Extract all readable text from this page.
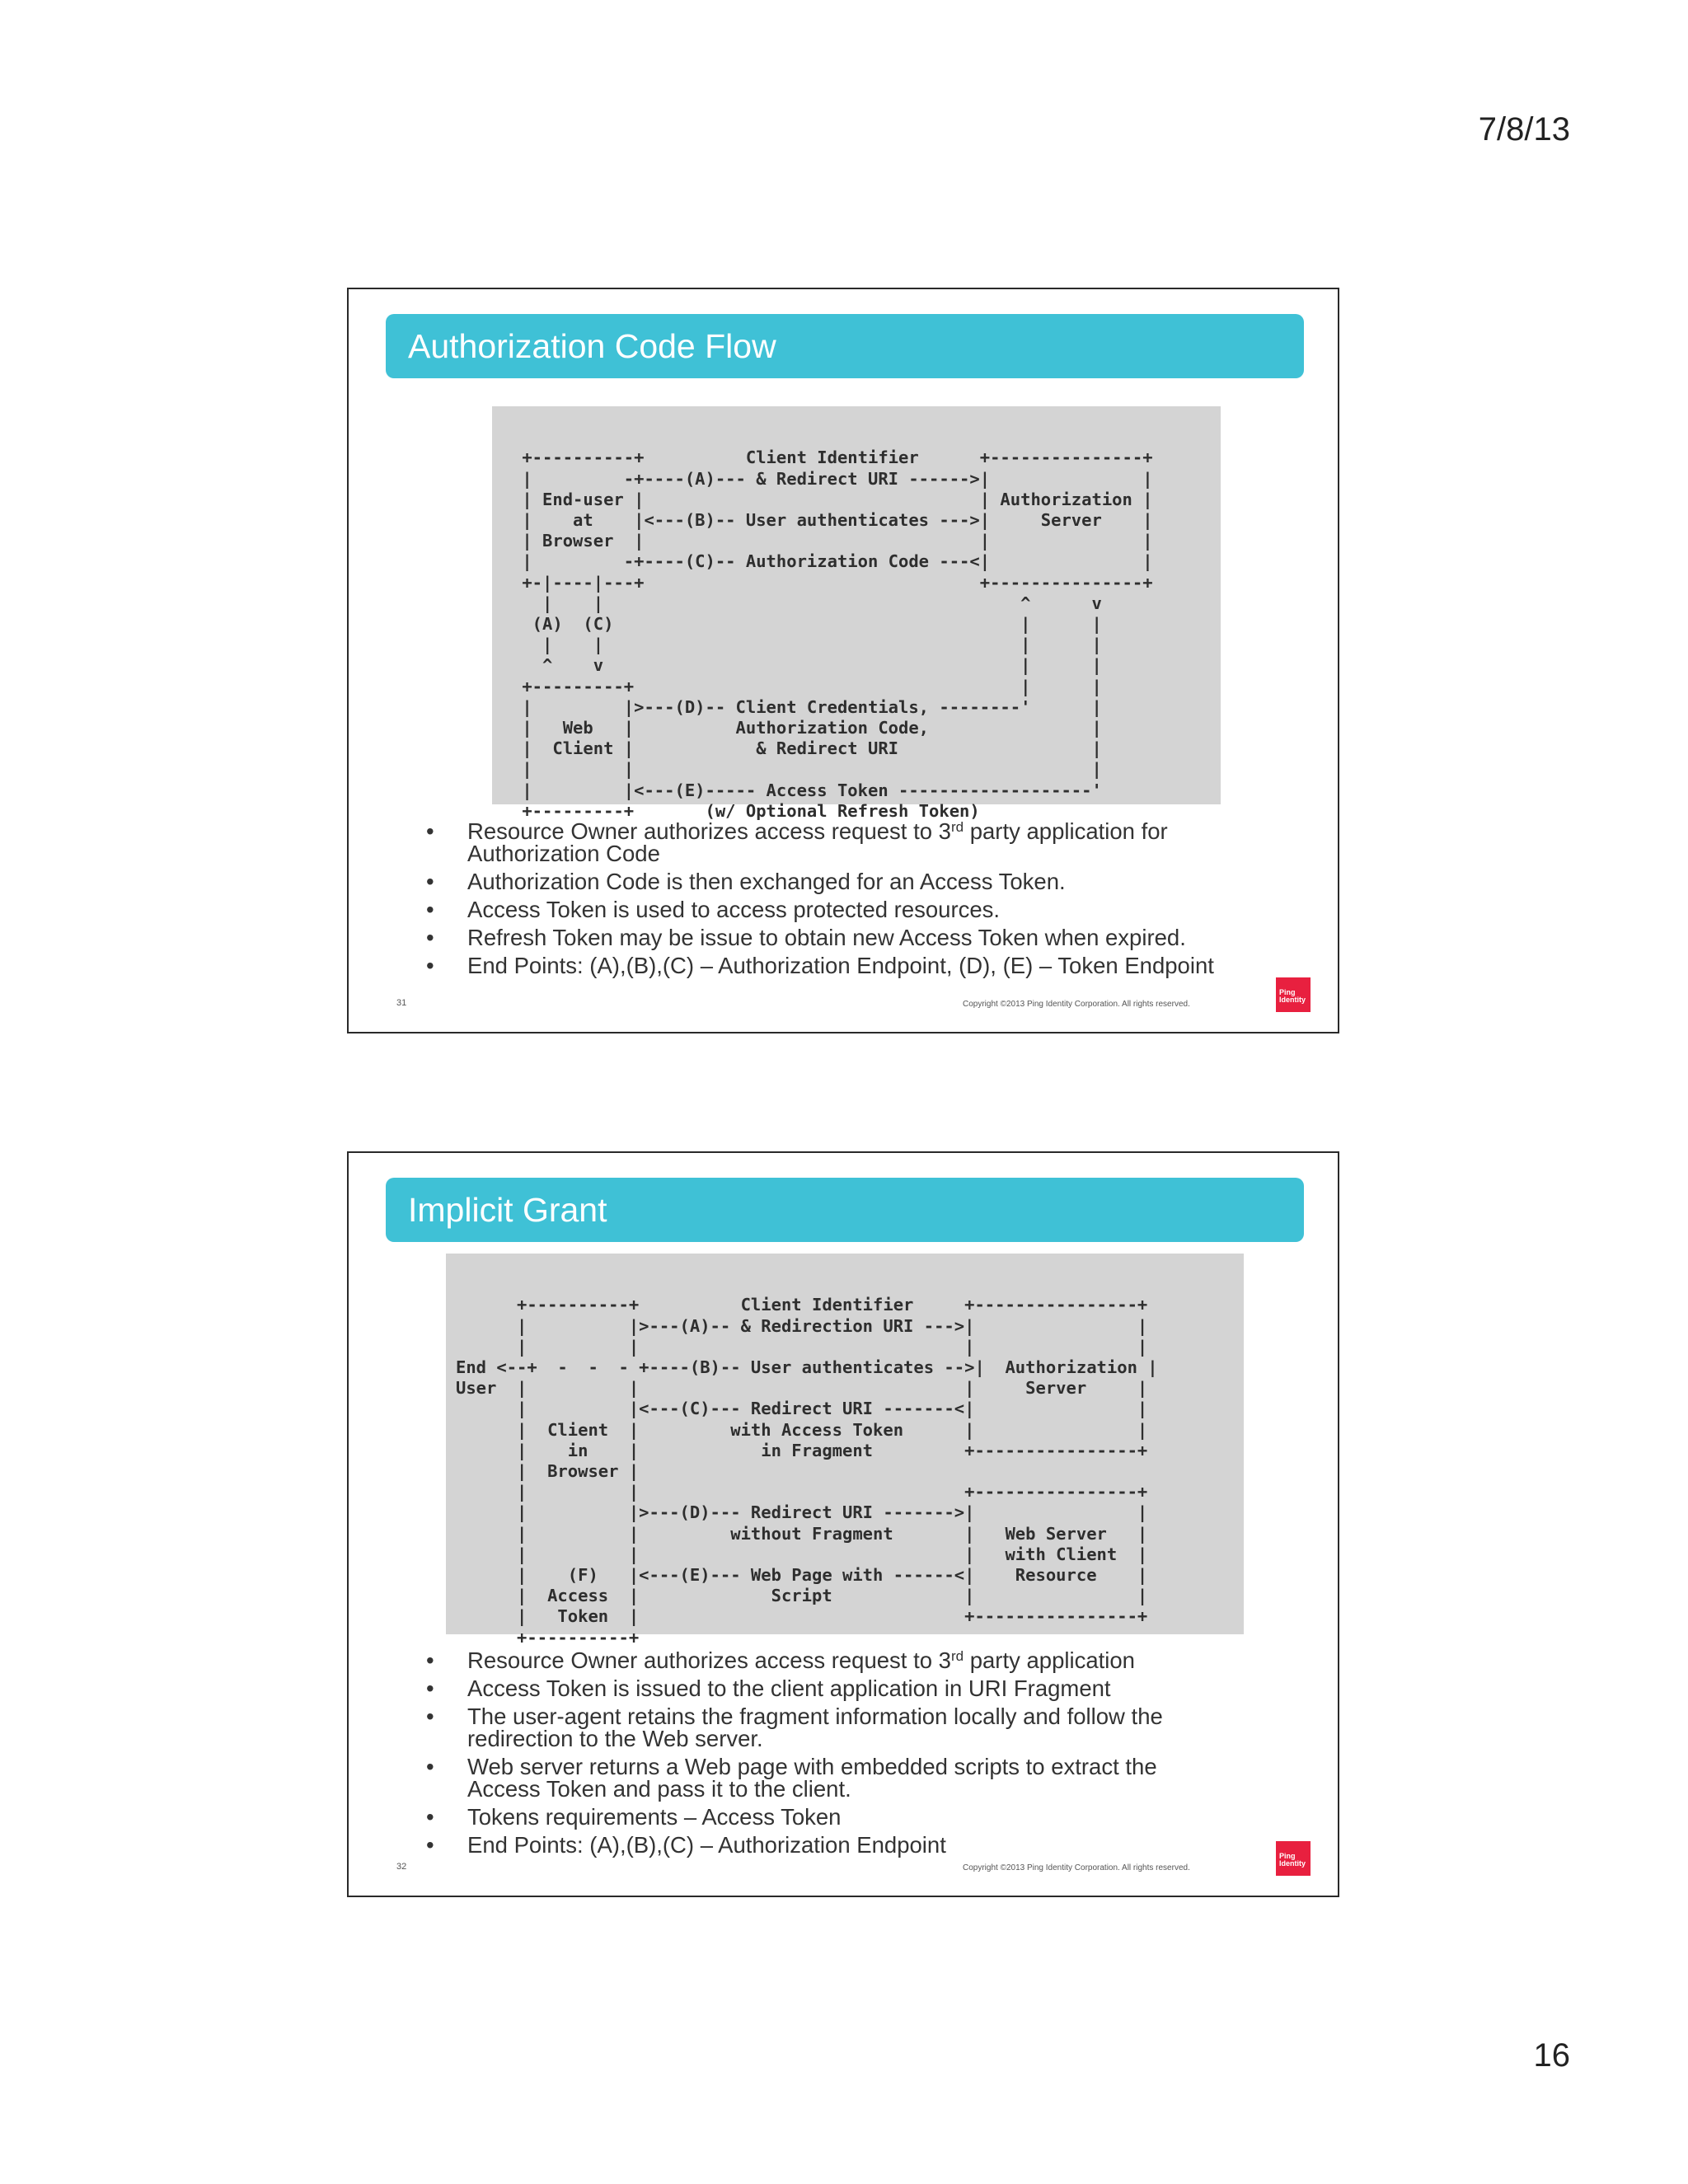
7/8/13
Authorization Code Flow

+----------+          Client Identifier      +---------------+
|         -+----(A)--- & Redirect URI ------>|               |
| End-user |                                 | Authorization |
|    at    |<---(B)-- User authenticates --->|     Server    |
| Browser  |                                 |               |
|         -+----(C)-- Authorization Code ---<|               |
+-|----|---+                                 +---------------+
|    |                                         ^      v
(A)  (C)                                        |      |
|    |                                         |      |
^    v                                         |      |
+---------+                                      |      |
|         |>---(D)-- Client Credentials, --------'      |
|   Web   |          Authorization Code,                |
|  Client |            & Redirect URI                   |
|         |                                             |
|         |<---(E)----- Access Token -------------------'
+---------+       (w/ Optional Refresh Token)

• Resource Owner authorizes access request to 3rd party application for Authorization Code
• Authorization Code is then exchanged for an Access Token.
• Access Token is used to access protected resources.
• Refresh Token may be issue to obtain new Access Token when expired.
• End Points: (A),(B),(C) – Authorization Endpoint, (D), (E) – Token Endpoint
31	Copyright ©2013 Ping Identity Corporation. All rights reserved.
Ping
Identity
Implicit Grant

+----------+          Client Identifier     +----------------+
|          |>---(A)-- & Redirection URI --->|                |
|          |                                |                |
End <--+  -  -  - +----(B)-- User authenticates -->|  Authorization |
User  |          |                                |     Server     |
|          |<---(C)--- Redirect URI -------<|                |
|  Client  |         with Access Token      |                |
|    in    |            in Fragment         +----------------+
|  Browser |
|          |                                +----------------+
|          |>---(D)--- Redirect URI ------->|                |
|          |         without Fragment       |   Web Server   |
|          |                                |   with Client  |
|    (F)   |<---(E)--- Web Page with ------<|    Resource    |
|  Access  |             Script             |                |
|   Token  |                                +----------------+
+----------+

• Resource Owner authorizes access request to 3rd party application
• Access Token is issued to the client application in URI Fragment
• The user-agent retains the fragment information locally and follow the redirection to the Web server.
• Web server returns a Web page with embedded scripts to extract the Access Token and pass it to the client.
• Tokens requirements – Access Token
• End Points: (A),(B),(C) – Authorization Endpoint
32	Copyright ©2013 Ping Identity Corporation. All rights reserved.
Ping
Identity
16
